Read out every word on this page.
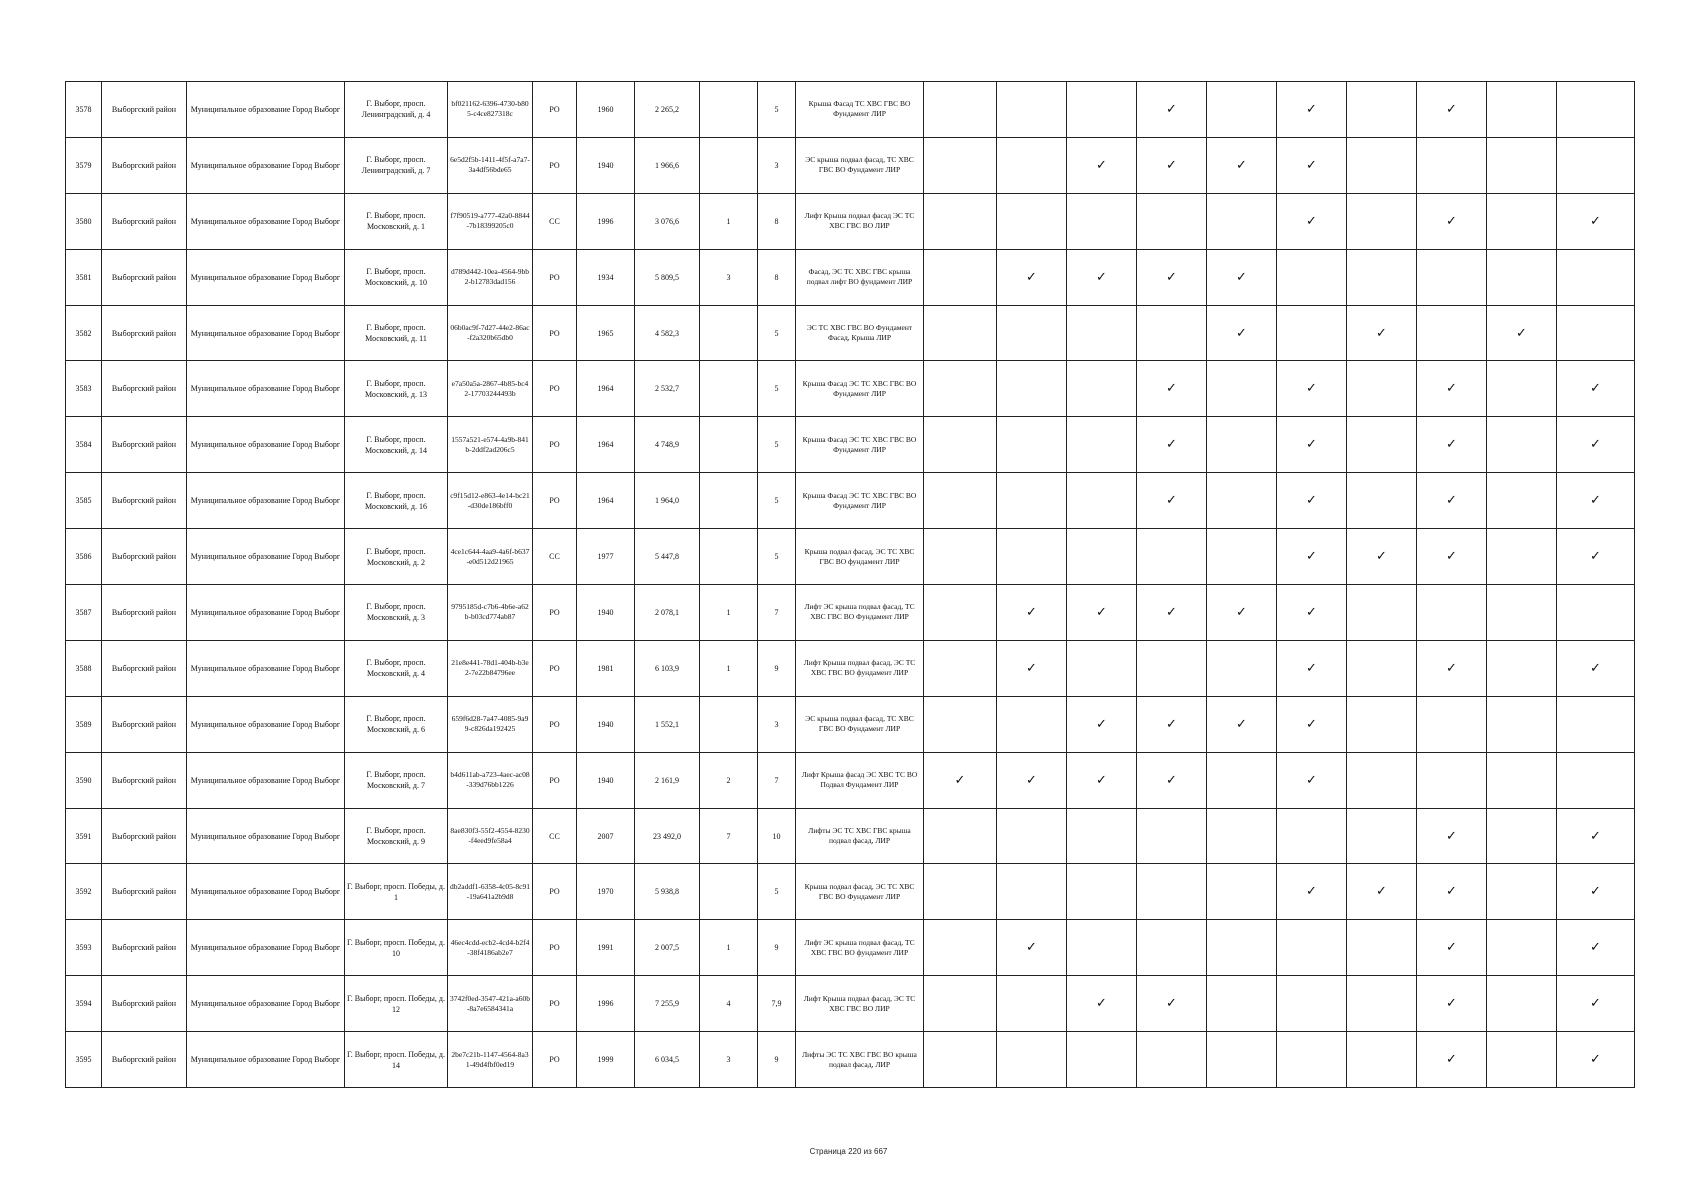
3578	Выборгский район	Муниципальное образование Город Выборг	Г. Выборг, просп. Ленинградский, д. 4	bf021162-6396-4730-b805-c4ce827318c	РО	1960	2 265,2		5	Крыша Фасад ТС ХВС ГВС ВО Фундамент ЛИР				✓		✓		✓		
3579	Выборгский район	Муниципальное образование Город Выборг	Г. Выборг, просп. Ленинградский, д. 7	6e5d2f5b-1411-4f5f-a7a7-3a4df56bde65	РО	1940	1 966,6		3	ЭС крыша подвал фасад, ТС ХВС ГВС ВО Фундамент ЛИР			✓	✓	✓	✓				
3580	Выборгский район	Муниципальное образование Город Выборг	Г. Выборг, просп. Московский, д. 1	f7f90519-a777-42a0-8844-7b18399205c0	СС	1996	3 076,6	1	8	Лифт Крыша подвал фасад ЭС ТС ХВС ГВС ВО ЛИР						✓		✓		✓
3581	Выборгский район	Муниципальное образование Город Выборг	Г. Выборг, просп. Московский, д. 10	d789d442-10ea-4564-9bb2-b12783dad156	РО	1934	5 809,5	3	8	Фасад, ЭС ТС ХВС ГВС крыша подвал лифт ВО фундамент ЛИР		✓	✓	✓	✓					
3582	Выборгский район	Муниципальное образование Город Выборг	Г. Выборг, просп. Московский, д. 11	06b0ac9f-7d27-44e2-86ac-f2a320b65db0	РО	1965	4 582,3		5	ЭС ТС ХВС ГВС ВО Фундамент Фасад, Крыша ЛИР					✓		✓		✓	
3583	Выборгский район	Муниципальное образование Город Выборг	Г. Выборг, просп. Московский, д. 13	e7a50a5a-2867-4b85-bc42-17703244493b	РО	1964	2 532,7		5	Крыша Фасад ЭС ТС ХВС ГВС ВО Фундамент ЛИР				✓		✓		✓		✓
3584	Выборгский район	Муниципальное образование Город Выборг	Г. Выборг, просп. Московский, д. 14	1557a521-e574-4a9b-841b-2ddf2ad206c5	РО	1964	4 748,9		5	Крыша Фасад ЭС ТС ХВС ГВС ВО Фундамент ЛИР				✓		✓		✓		✓
3585	Выборгский район	Муниципальное образование Город Выборг	Г. Выборг, просп. Московский, д. 16	c9f15d12-e863-4e14-bc21-d30de186bff0	РО	1964	1 964,0		5	Крыша Фасад ЭС ТС ХВС ГВС ВО Фундамент ЛИР				✓		✓		✓		✓
3586	Выборгский район	Муниципальное образование Город Выборг	Г. Выборг, просп. Московский, д. 2	4ce1c644-4aa9-4a6f-b637-e0d512d21965	СС	1977	5 447,8		5	Крыша подвал фасад, ЭС ТС ХВС ГВС ВО фундамент ЛИР						✓	✓	✓		✓
3587	Выборгский район	Муниципальное образование Город Выборг	Г. Выборг, просп. Московский, д. 3	9795185d-c7b6-4b6e-a62b-b03cd774ab87	РО	1940	2 078,1	1	7	Лифт ЭС крыша подвал фасад, ТС ХВС ГВС ВО Фундамент ЛИР		✓	✓	✓	✓	✓				
3588	Выборгский район	Муниципальное образование Город Выборг	Г. Выборг, просп. Московский, д. 4	21e8e441-78d1-404b-b3e2-7e22b84796ee	РО	1981	6 103,9	1	9	Лифт Крыша подвал фасад, ЭС ТС ХВС ГВС ВО фундамент ЛИР		✓				✓		✓		✓
3589	Выборгский район	Муниципальное образование Город Выборг	Г. Выборг, просп. Московский, д. 6	659f6d28-7a47-4085-9a99-c826da192425	РО	1940	1 552,1		3	ЭС крыша подвал фасад, ТС ХВС ГВС ВО Фундамент ЛИР			✓	✓	✓	✓				
3590	Выборгский район	Муниципальное образование Город Выборг	Г. Выборг, просп. Московский, д. 7	b4d611ab-a723-4aec-ac08-339d76bb1226	РО	1940	2 161,9	2	7	Лифт Крыша фасад ЭС ХВС ТС ВО Подвал Фундамент ЛИР	✓	✓	✓	✓		✓				
3591	Выборгский район	Муниципальное образование Город Выборг	Г. Выборг, просп. Московский, д. 9	8ae830f3-55f2-4554-8230-f4eed9fe58a4	СС	2007	23 492,0	7	10	Лифты ЭС ТС ХВС ГВС крыша подвал фасад, ЛИР								✓		✓
3592	Выборгский район	Муниципальное образование Город Выборг	Г. Выборг, просп. Победы, д. 1	db2addf1-6358-4c05-8c91-19a641a2b9d8	РО	1970	5 938,8		5	Крыша подвал фасад, ЭС ТС ХВС ГВС ВО Фундамент ЛИР						✓	✓	✓		✓
3593	Выборгский район	Муниципальное образование Город Выборг	Г. Выборг, просп. Победы, д. 10	46ec4cdd-ecb2-4cd4-b2f4-38f4186ab2e7	РО	1991	2 007,5	1	9	Лифт ЭС крыша подвал фасад, ТС ХВС ГВС ВО фундамент ЛИР		✓						✓		✓
3594	Выборгский район	Муниципальное образование Город Выборг	Г. Выборг, просп. Победы, д. 12	3742f0ed-3547-421a-a60b-8a7e6584341a	РО	1996	7 255,9	4	7,9	Лифт Крыша подвал фасад, ЭС ТС ХВС ГВС ВО ЛИР			✓	✓				✓		✓
3595	Выборгский район	Муниципальное образование Город Выборг	Г. Выборг, просп. Победы, д. 14	2be7c21b-1147-4564-8a31-49d4fbf0ed19	РО	1999	6 034,5	3	9	Лифты ЭС ТС ХВС ГВС ВО крыша подвал фасад, ЛИР								✓		✓
Страница 220 из 667
